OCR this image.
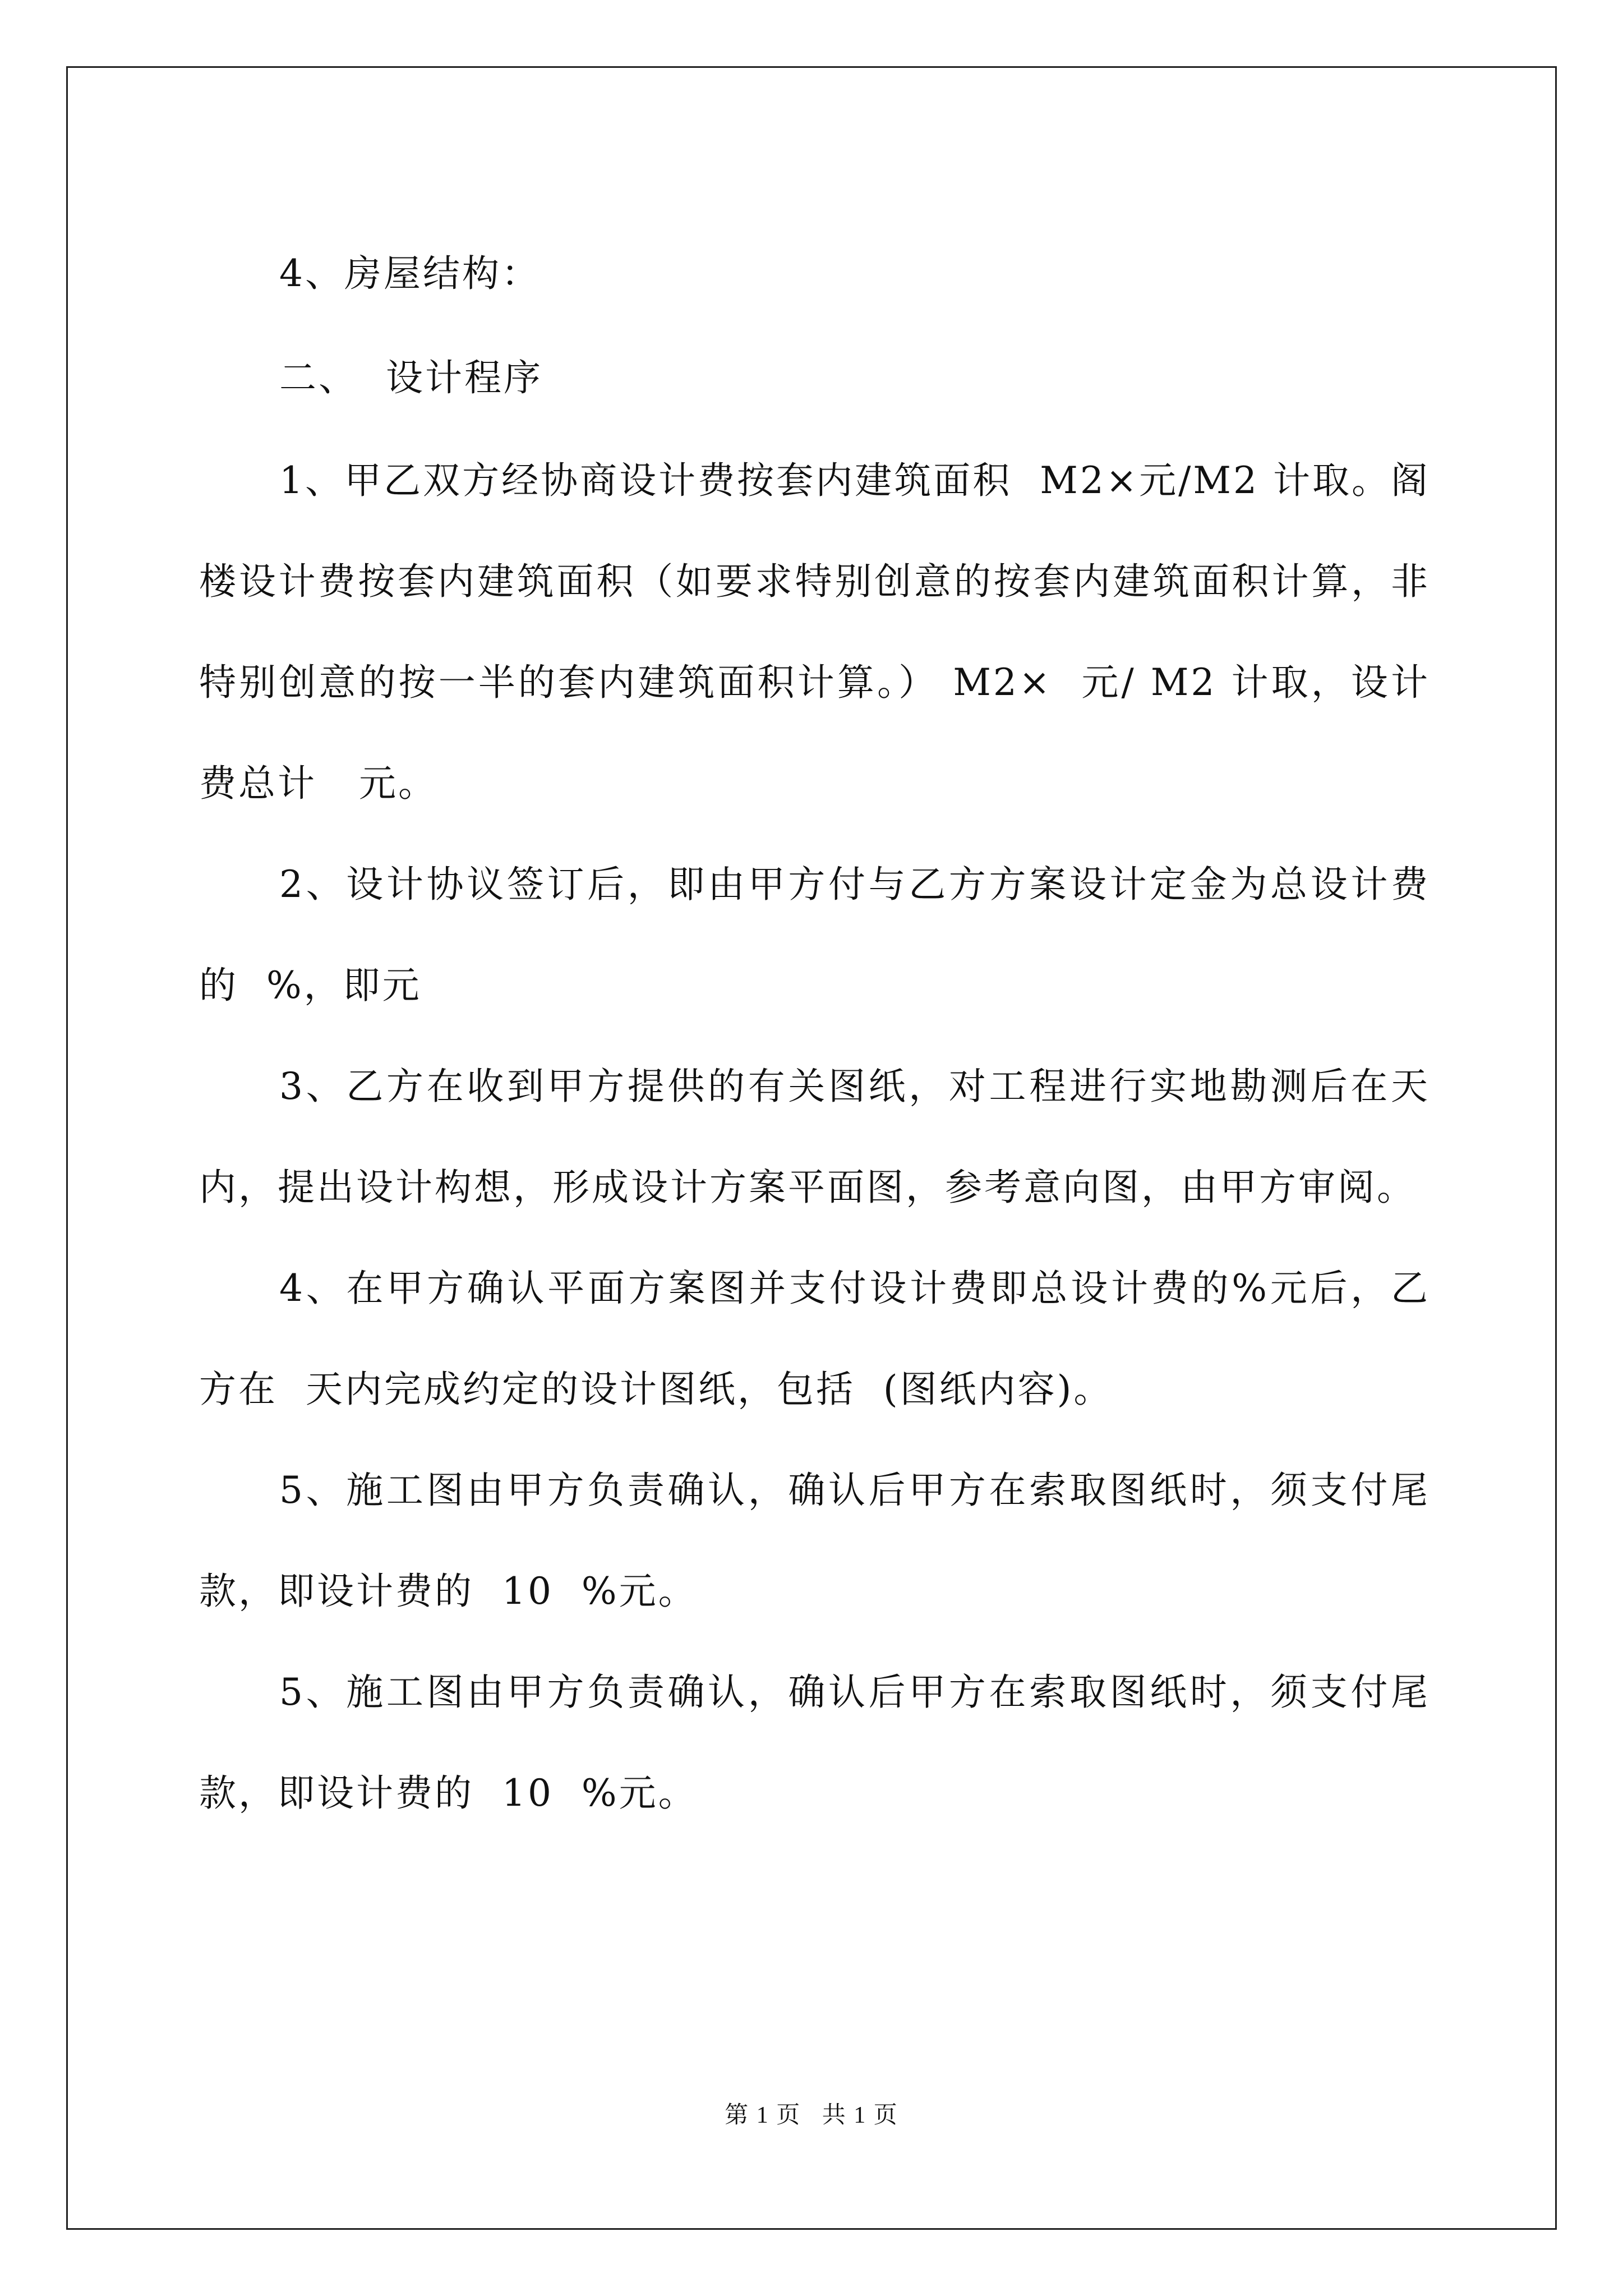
4、房屋结构：

二、  设计程序

1、甲乙双方经协商设计费按套内建筑面积  M2×元/M2 计取。阁楼设计费按套内建筑面积（如要求特别创意的按套内建筑面积计算，非特别创意的按一半的套内建筑面积计算。） M2×  元/ M2 计取，设计费总计   元。

2、设计协议签订后，即由甲方付与乙方方案设计定金为总设计费的  %，即元

3、乙方在收到甲方提供的有关图纸，对工程进行实地勘测后在天内，提出设计构想，形成设计方案平面图，参考意向图，由甲方审阅。

4、在甲方确认平面方案图并支付设计费即总设计费的%元后，乙方在  天内完成约定的设计图纸，包括  (图纸内容)。

5、施工图由甲方负责确认，确认后甲方在索取图纸时，须支付尾款，即设计费的  10  %元。

5、施工图由甲方负责确认，确认后甲方在索取图纸时，须支付尾款，即设计费的  10  %元。

第 1 页   共 1 页
